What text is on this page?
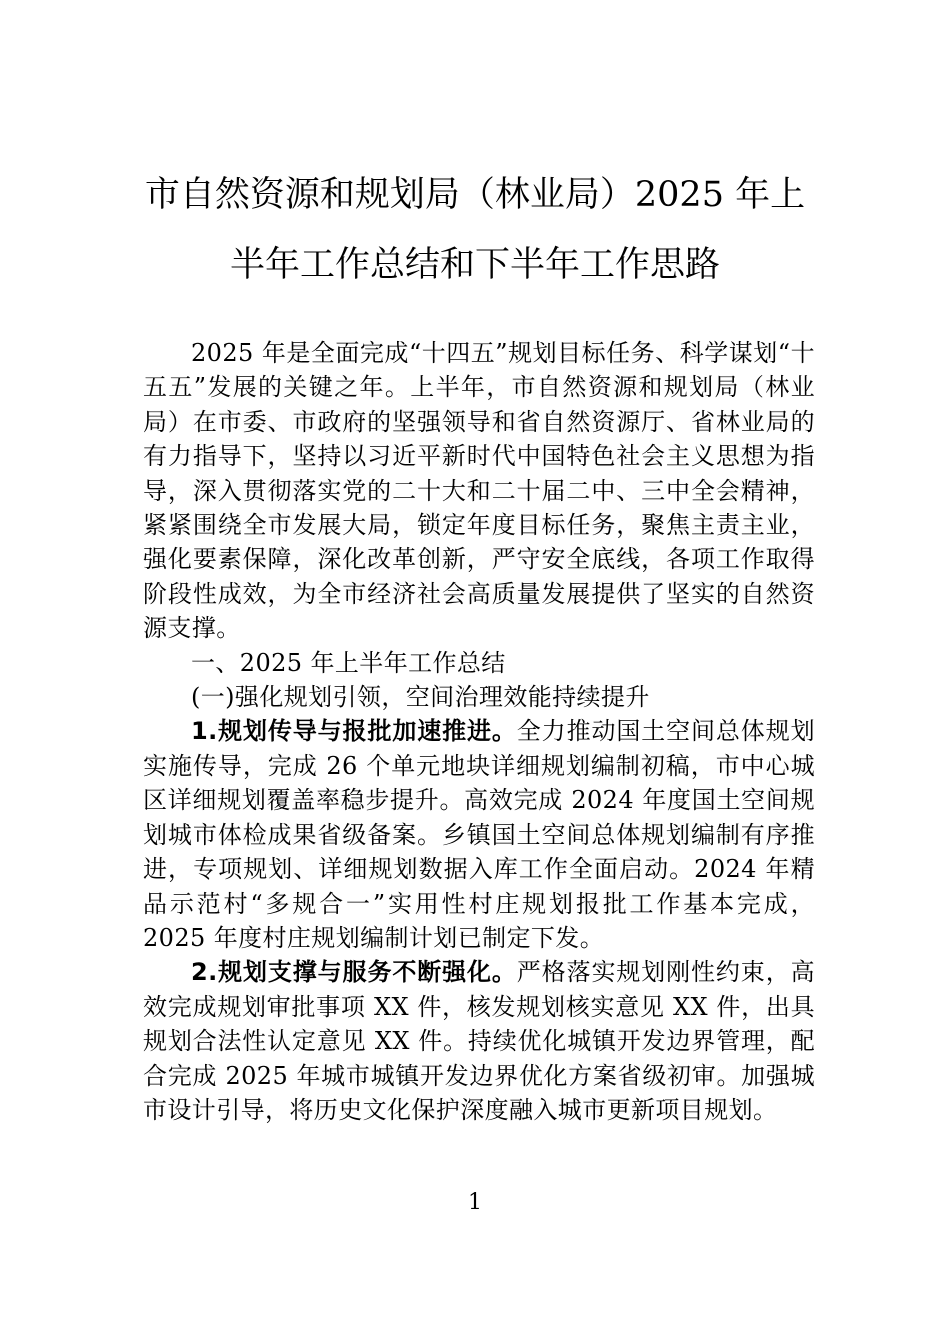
市自然资源和规划局（林业局）2025 年上
半年工作总结和下半年工作思路

2025 年是全面完成“十四五”规划目标任务、科学谋划“十五五”发展的关键之年。上半年，市自然资源和规划局（林业局）在市委、市政府的坚强领导和省自然资源厅、省林业局的有力指导下，坚持以习近平新时代中国特色社会主义思想为指导，深入贯彻落实党的二十大和二十届二中、三中全会精神，紧紧围绕全市发展大局，锁定年度目标任务，聚焦主责主业，强化要素保障，深化改革创新，严守安全底线，各项工作取得阶段性成效，为全市经济社会高质量发展提供了坚实的自然资源支撑。

一、2025 年上半年工作总结

(一)强化规划引领，空间治理效能持续提升

1.规划传导与报批加速推进。全力推动国土空间总体规划实施传导，完成 26 个单元地块详细规划编制初稿，市中心城区详细规划覆盖率稳步提升。高效完成 2024 年度国土空间规划城市体检成果省级备案。乡镇国土空间总体规划编制有序推进，专项规划、详细规划数据入库工作全面启动。2024 年精品示范村“多规合一”实用性村庄规划报批工作基本完成，2025 年度村庄规划编制计划已制定下发。

2.规划支撑与服务不断强化。严格落实规划刚性约束，高效完成规划审批事项 XX 件，核发规划核实意见 XX 件，出具规划合法性认定意见 XX 件。持续优化城镇开发边界管理，配合完成 2025 年城市城镇开发边界优化方案省级初审。加强城市设计引导，将历史文化保护深度融入城市更新项目规划。

1
